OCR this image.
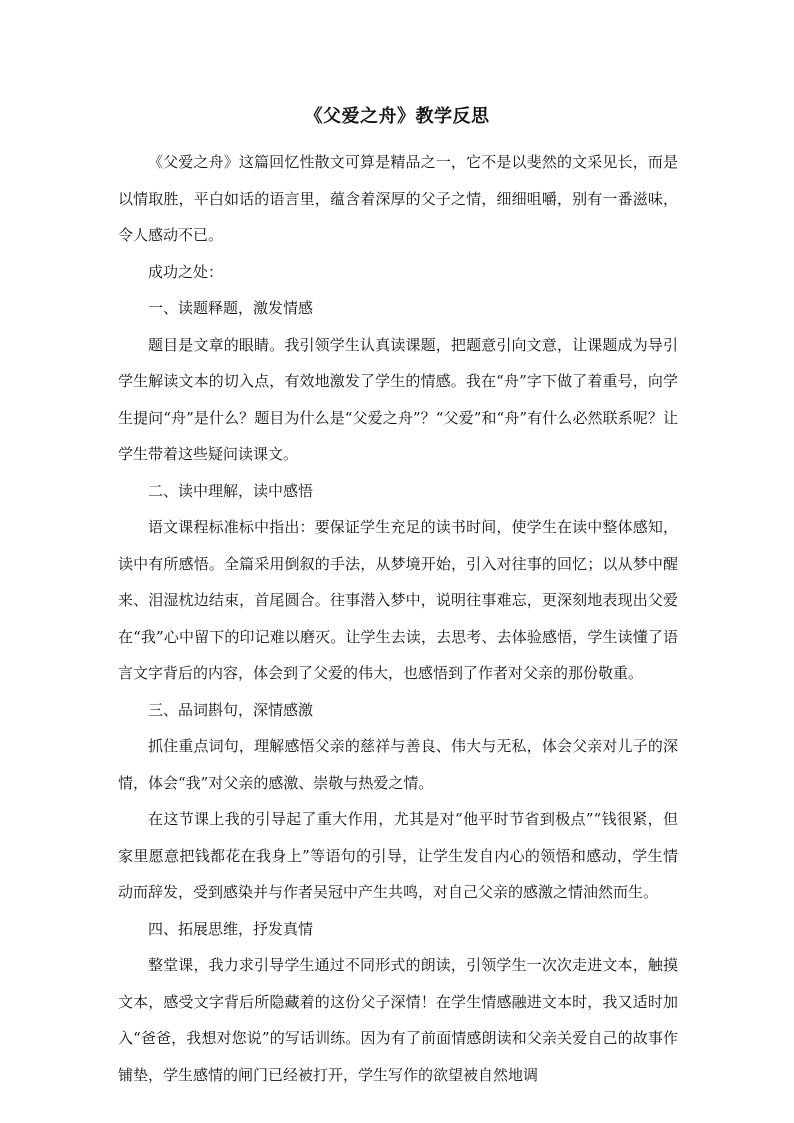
《父爱之舟》教学反思

《父爱之舟》这篇回忆性散文可算是精品之一，它不是以斐然的文采见长，而是以情取胜，平白如话的语言里，蕴含着深厚的父子之情，细细咀嚼，别有一番滋味，令人感动不已。

成功之处：

一、读题释题，激发情感

题目是文章的眼睛。我引领学生认真读课题，把题意引向文意，让课题成为导引学生解读文本的切入点，有效地激发了学生的情感。我在“舟”字下做了着重号，向学生提问“舟”是什么？题目为什么是“父爱之舟”？“父爱”和“舟”有什么必然联系呢？让学生带着这些疑问读课文。

二、读中理解，读中感悟

语文课程标准标中指出：要保证学生充足的读书时间，使学生在读中整体感知，读中有所感悟。全篇采用倒叙的手法，从梦境开始，引入对往事的回忆；以从梦中醒来、泪湿枕边结束，首尾圆合。往事潜入梦中，说明往事难忘，更深刻地表现出父爱在“我”心中留下的印记难以磨灭。让学生去读，去思考、去体验感悟，学生读懂了语言文字背后的内容，体会到了父爱的伟大，也感悟到了作者对父亲的那份敬重。

三、品词斟句，深情感激

抓住重点词句，理解感悟父亲的慈祥与善良、伟大与无私，体会父亲对儿子的深情，体会“我”对父亲的感激、崇敬与热爱之情。

在这节课上我的引导起了重大作用，尤其是对“他平时节省到极点”“钱很紧，但家里愿意把钱都花在我身上”等语句的引导，让学生发自内心的领悟和感动，学生情动而辞发，受到感染并与作者吴冠中产生共鸣，对自己父亲的感激之情油然而生。

四、拓展思维，抒发真情

整堂课，我力求引导学生通过不同形式的朗读，引领学生一次次走进文本，触摸文本，感受文字背后所隐藏着的这份父子深情！在学生情感融进文本时，我又适时加入“爸爸，我想对您说”的写话训练。因为有了前面情感朗读和父亲关爱自己的故事作铺垫，学生感情的闸门已经被打开，学生写作的欲望被自然地调
